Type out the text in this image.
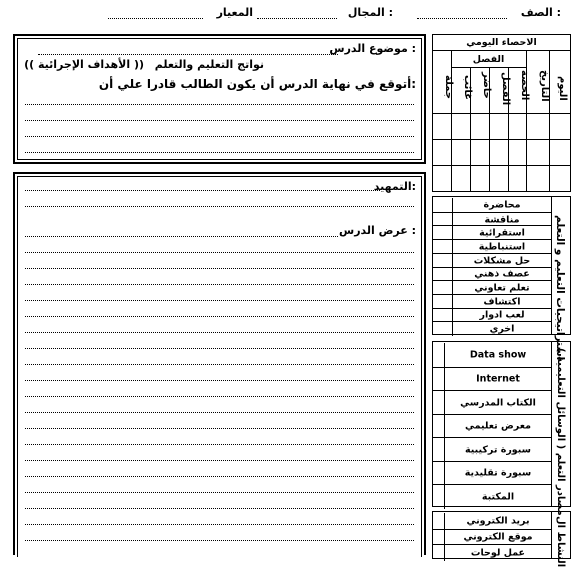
الصف :
المجال :
المعيار
موضوع الدرس :
نواتج التعليم والتعلم
(( الأهداف الإجرائية ))
أتوقع في نهاية الدرس أن يكون الطالب قادرا علي أن:
الاحصاء اليومي
الفصل
اليوم
التاريخ
الحصة
الفصل
حاضر
غائب
جملة
التمهيد:
عرض الدرس :	استراتيجيات التعليم و التعلم
محاضرة
مناقشة
استقرائية
استنباطية
حل مشكلات
عصف ذهني
تعلم تعاوني
اكتشاف
لعب ادوار
اخري
مصادر التعلم ( الوسائل التعليمية )
Data show
Internet
الكتاب المدرسي
معرض تعليمي
سبورة تركيبية
سبورة تقليدية
المكتبة
النشاط ال
بريد الكتروني
موقع الكتروني
عمل لوحات
